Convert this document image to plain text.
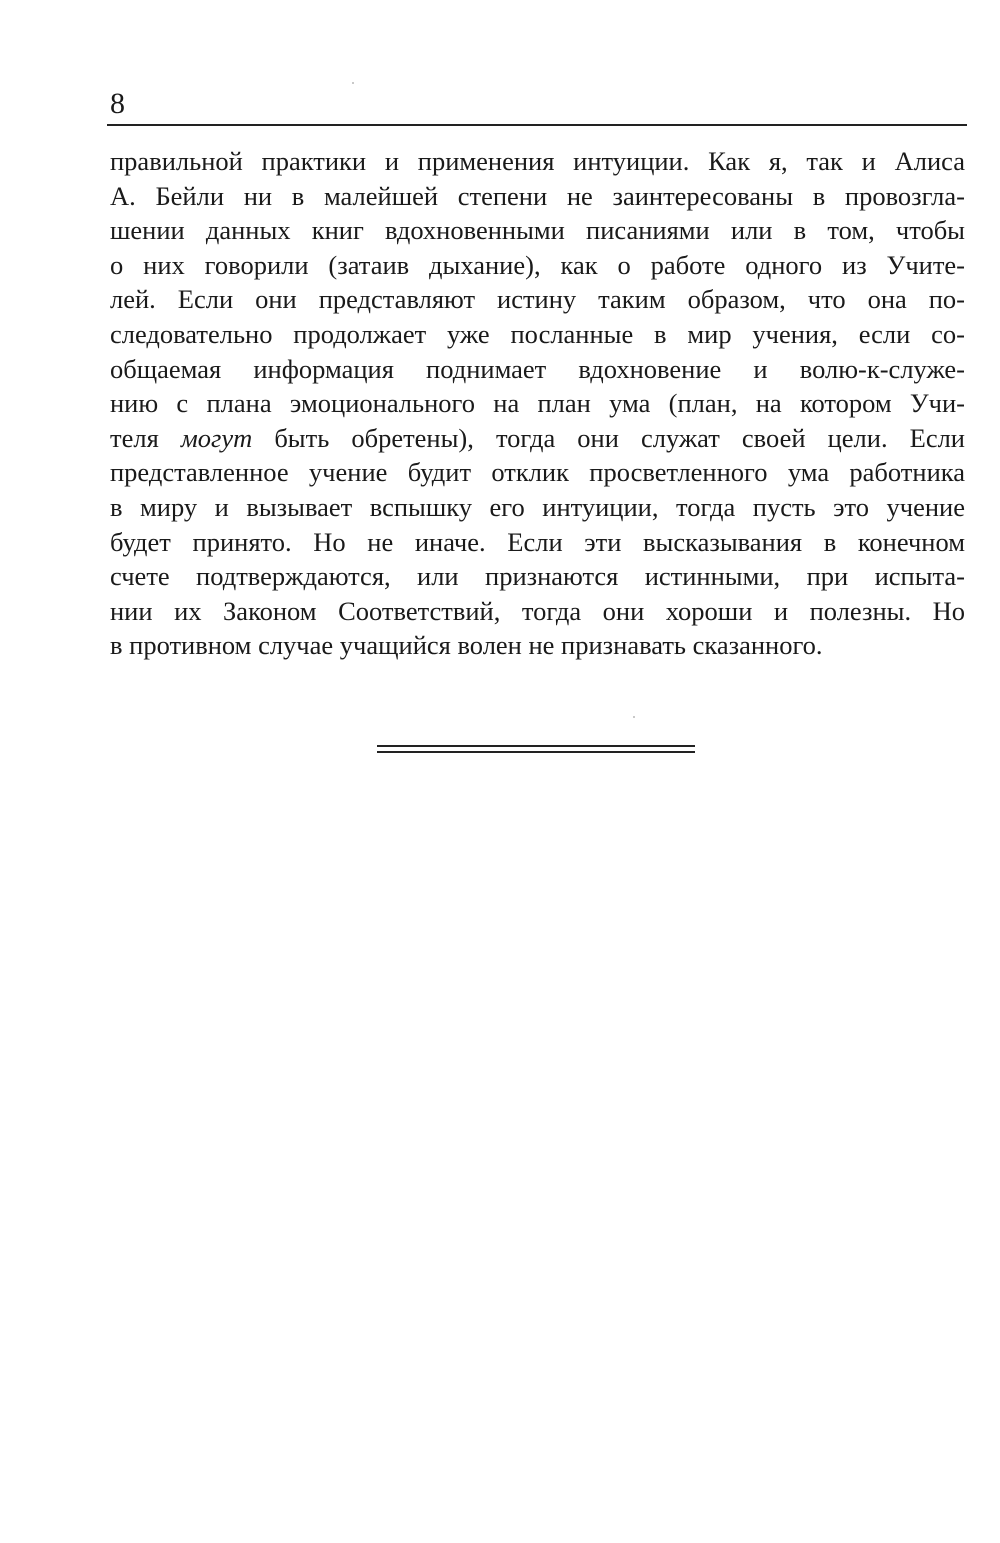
8
правильной практики и применения интуиции. Как я, так и Алиса
А. Бейли ни в малейшей степени не заинтересованы в провозгла-
шении данных книг вдохновенными писаниями или в том, чтобы
о них говорили (затаив дыхание), как о работе одного из Учите-
лей. Если они представляют истину таким образом, что она по-
следовательно продолжает уже посланные в мир учения, если со-
общаемая информация поднимает вдохновение и волю-к-служе-
нию с плана эмоционального на план ума (план, на котором Учи-
теля могут быть обретены), тогда они служат своей цели. Если
представленное учение будит отклик просветленного ума работника
в миру и вызывает вспышку его интуиции, тогда пусть это учение
будет принято. Но не иначе. Если эти высказывания в конечном
счете подтверждаются, или признаются истинными, при испыта-
нии их Законом Соответствий, тогда они хороши и полезны. Но
в противном случае учащийся волен не признавать сказанного.
